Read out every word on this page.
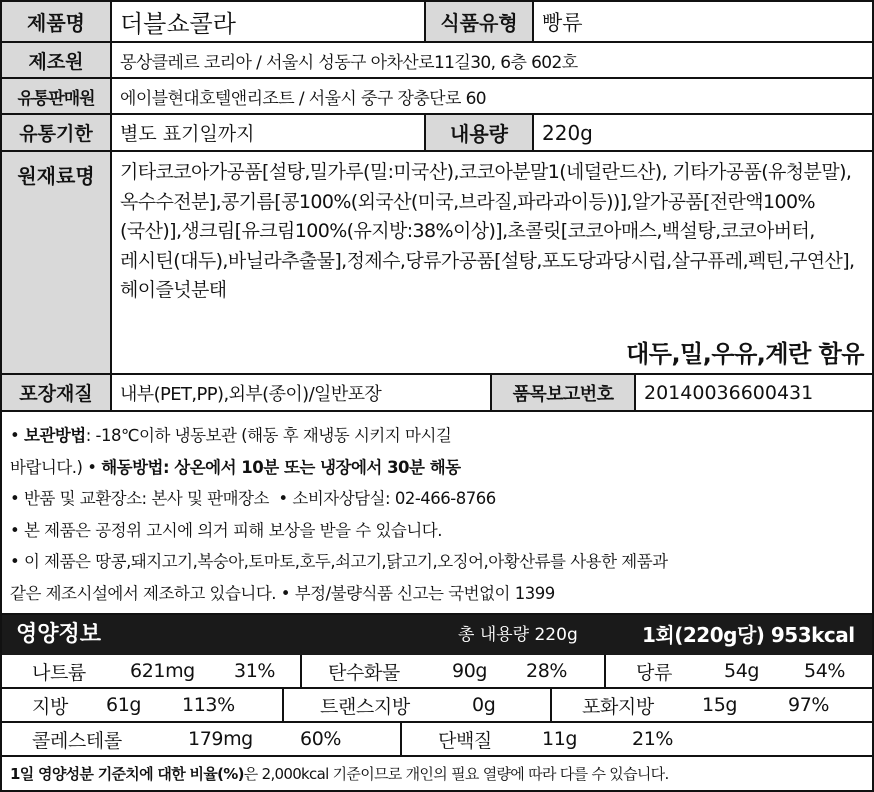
제품명	더블쇼콜라	식품유형	빵류
제조원	몽상클레르 코리아 / 서울시 성동구 아차산로11길30, 6층 602호
유통판매원	에이블현대호텔앤리조트 / 서울시 중구 장충단로 60
유통기한	별도 표기일까지	내용량	220g
원재료명	기타코코아가공품[설탕,밀가루(밀:미국산),코코아분말1(네덜란드산), 기타가공품(유청분말),옥수수전분],콩기름[콩100%(외국산(미국,브라질,파라과이등))],알가공품[전란액100%(국산)],생크림[유크림100%(유지방:38%이상)],초콜릿[코코아매스,백설탕,코코아버터,레시틴(대두),바닐라추출물],정제수,당류가공품[설탕,포도당과당시럽,살구퓨레,펙틴,구연산],헤이즐넛분태
대두,밀,우유,계란 함유
포장재질	내부(PET,PP),외부(종이)/일반포장	품목보고번호	20140036600431

• 보관방법: -18℃이하 냉동보관 (해동 후 재냉동 시키지 마시길

바랍니다.) • 해동방법: 상온에서 10분 또는 냉장에서 30분 해동

• 반품 및 교환장소: 본사 및 판매장소 • 소비자상담실: 02-466-8766

• 본 제품은 공정위 고시에 의거 피해 보상을 받을 수 있습니다.

• 이 제품은 땅콩,돼지고기,복숭아,토마토,호두,쇠고기,닭고기,오징어,아황산류를 사용한 제품과

같은 제조시설에서 제조하고 있습니다. • 부정/불량식품 신고는 국번없이 1399

영양정보	총 내용량 220g	1회(220g당) 953kcal
나트륨 621mg 31%	탄수화물	90g 28%	당류	54g 54%
지방 61g 113%	트랜스지방	0g	포화지방	15g	97%
콜레스테롤	179mg 60%	단백질	11g	21%
1일 영양성분 기준치에 대한 비율(%) 은 2,000kcal 기준이므로 개인의 필요 열량에 따라 다를 수 있습니다.
